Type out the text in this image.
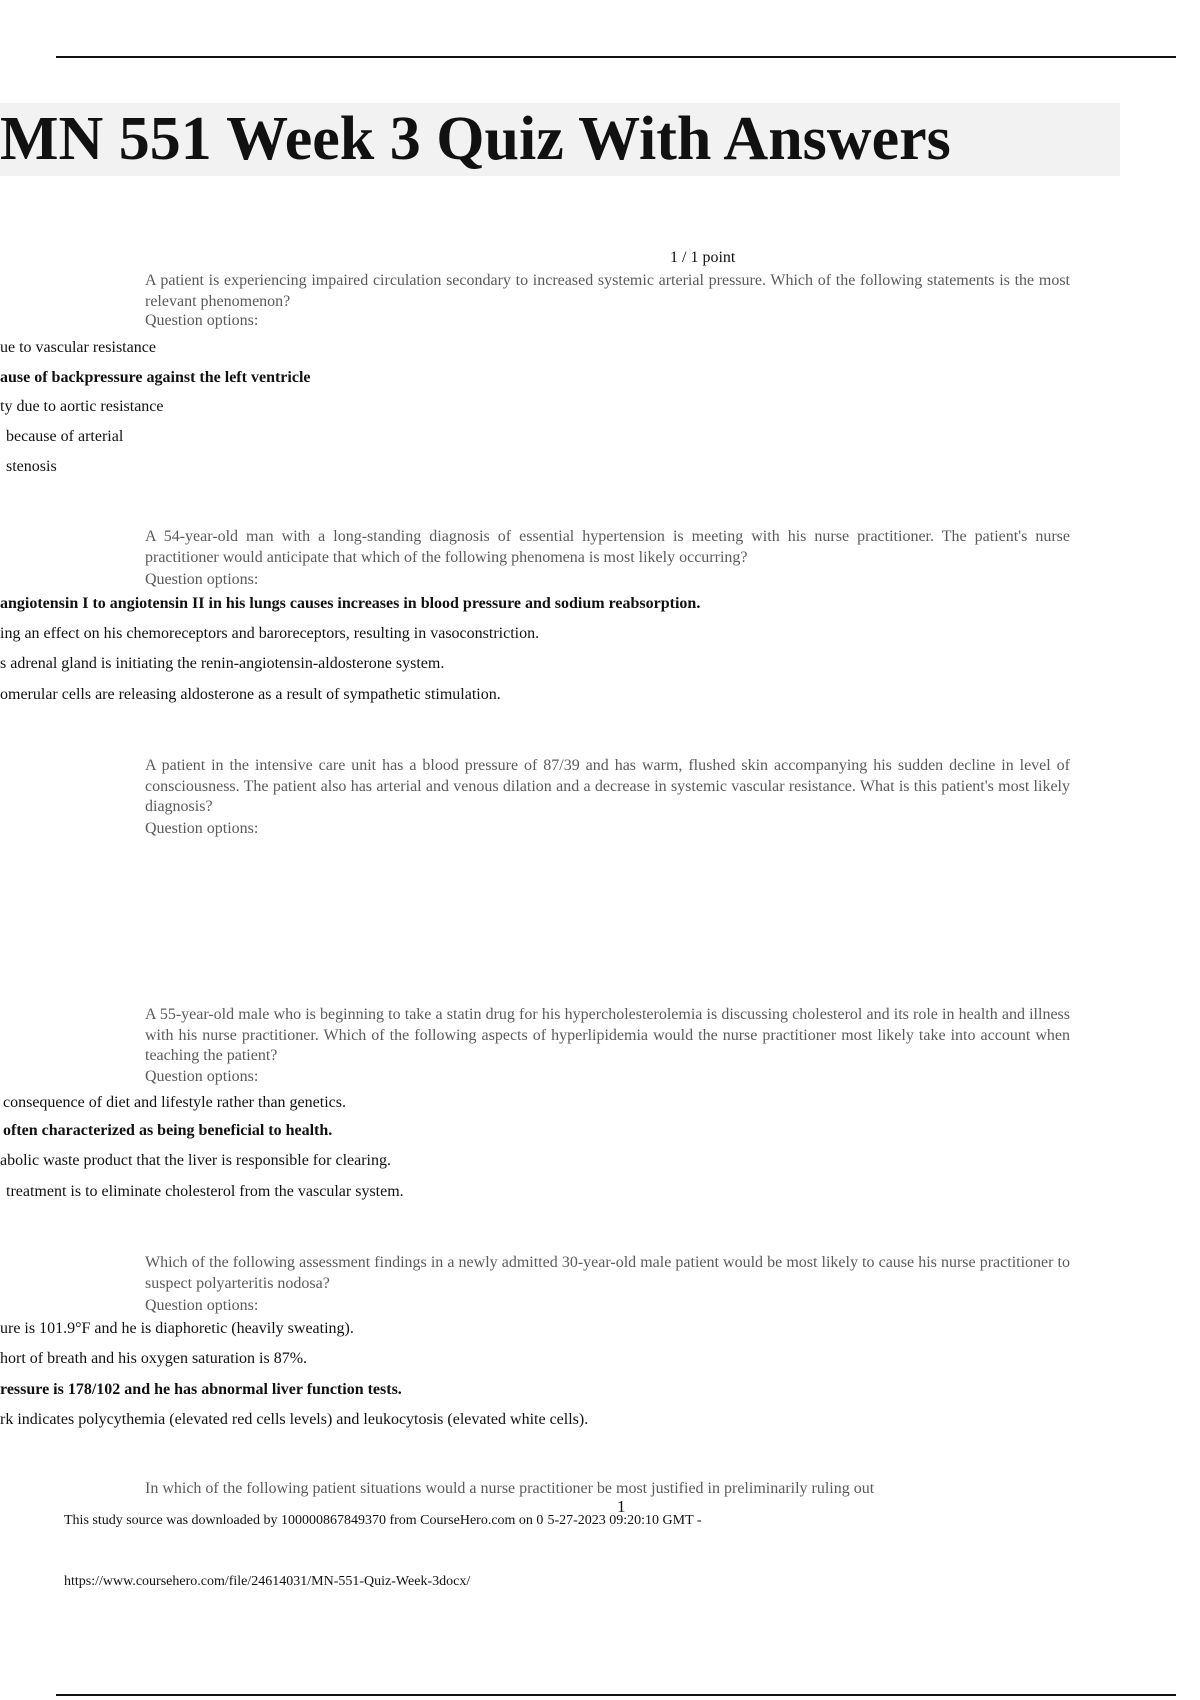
MN 551 Week 3 Quiz With Answers
1 / 1 point
A patient is experiencing impaired circulation secondary to increased systemic arterial pressure. Which of the following statements is the most relevant phenomenon?
Question options:
ue to vascular resistance
ause of backpressure against the left ventricle
ty due to aortic resistance
because of arterial
stenosis
A 54-year-old man with a long-standing diagnosis of essential hypertension is meeting with his nurse practitioner. The patient's nurse practitioner would anticipate that which of the following phenomena is most likely occurring?
Question options:
angiotensin I to angiotensin II in his lungs causes increases in blood pressure and sodium reabsorption.
ing an effect on his chemoreceptors and baroreceptors, resulting in vasoconstriction.
s adrenal gland is initiating the renin-angiotensin-aldosterone system.
omerular cells are releasing aldosterone as a result of sympathetic stimulation.
A patient in the intensive care unit has a blood pressure of 87/39 and has warm, flushed skin accompanying his sudden decline in level of consciousness. The patient also has arterial and venous dilation and a decrease in systemic vascular resistance. What is this patient's most likely diagnosis?
Question options:
A 55-year-old male who is beginning to take a statin drug for his hypercholesterolemia is discussing cholesterol and its role in health and illness with his nurse practitioner. Which of the following aspects of hyperlipidemia would the nurse practitioner most likely take into account when teaching the patient?
Question options:
consequence of diet and lifestyle rather than genetics.
often characterized as being beneficial to health.
abolic waste product that the liver is responsible for clearing.
treatment is to eliminate cholesterol from the vascular system.
Which of the following assessment findings in a newly admitted 30-year-old male patient would be most likely to cause his nurse practitioner to suspect polyarteritis nodosa?
Question options:
ure is 101.9°F and he is diaphoretic (heavily sweating).
hort of breath and his oxygen saturation is 87%.
ressure is 178/102 and he has abnormal liver function tests.
rk indicates polycythemia (elevated red cells levels) and leukocytosis (elevated white cells).
In which of the following patient situations would a nurse practitioner be most justified in preliminarily ruling out
1
This study source was downloaded by 100000867849370 from CourseHero.com on 0 5-27-2023 09:20:10 GMT -
https://www.coursehero.com/file/24614031/MN-551-Quiz-Week-3docx/
